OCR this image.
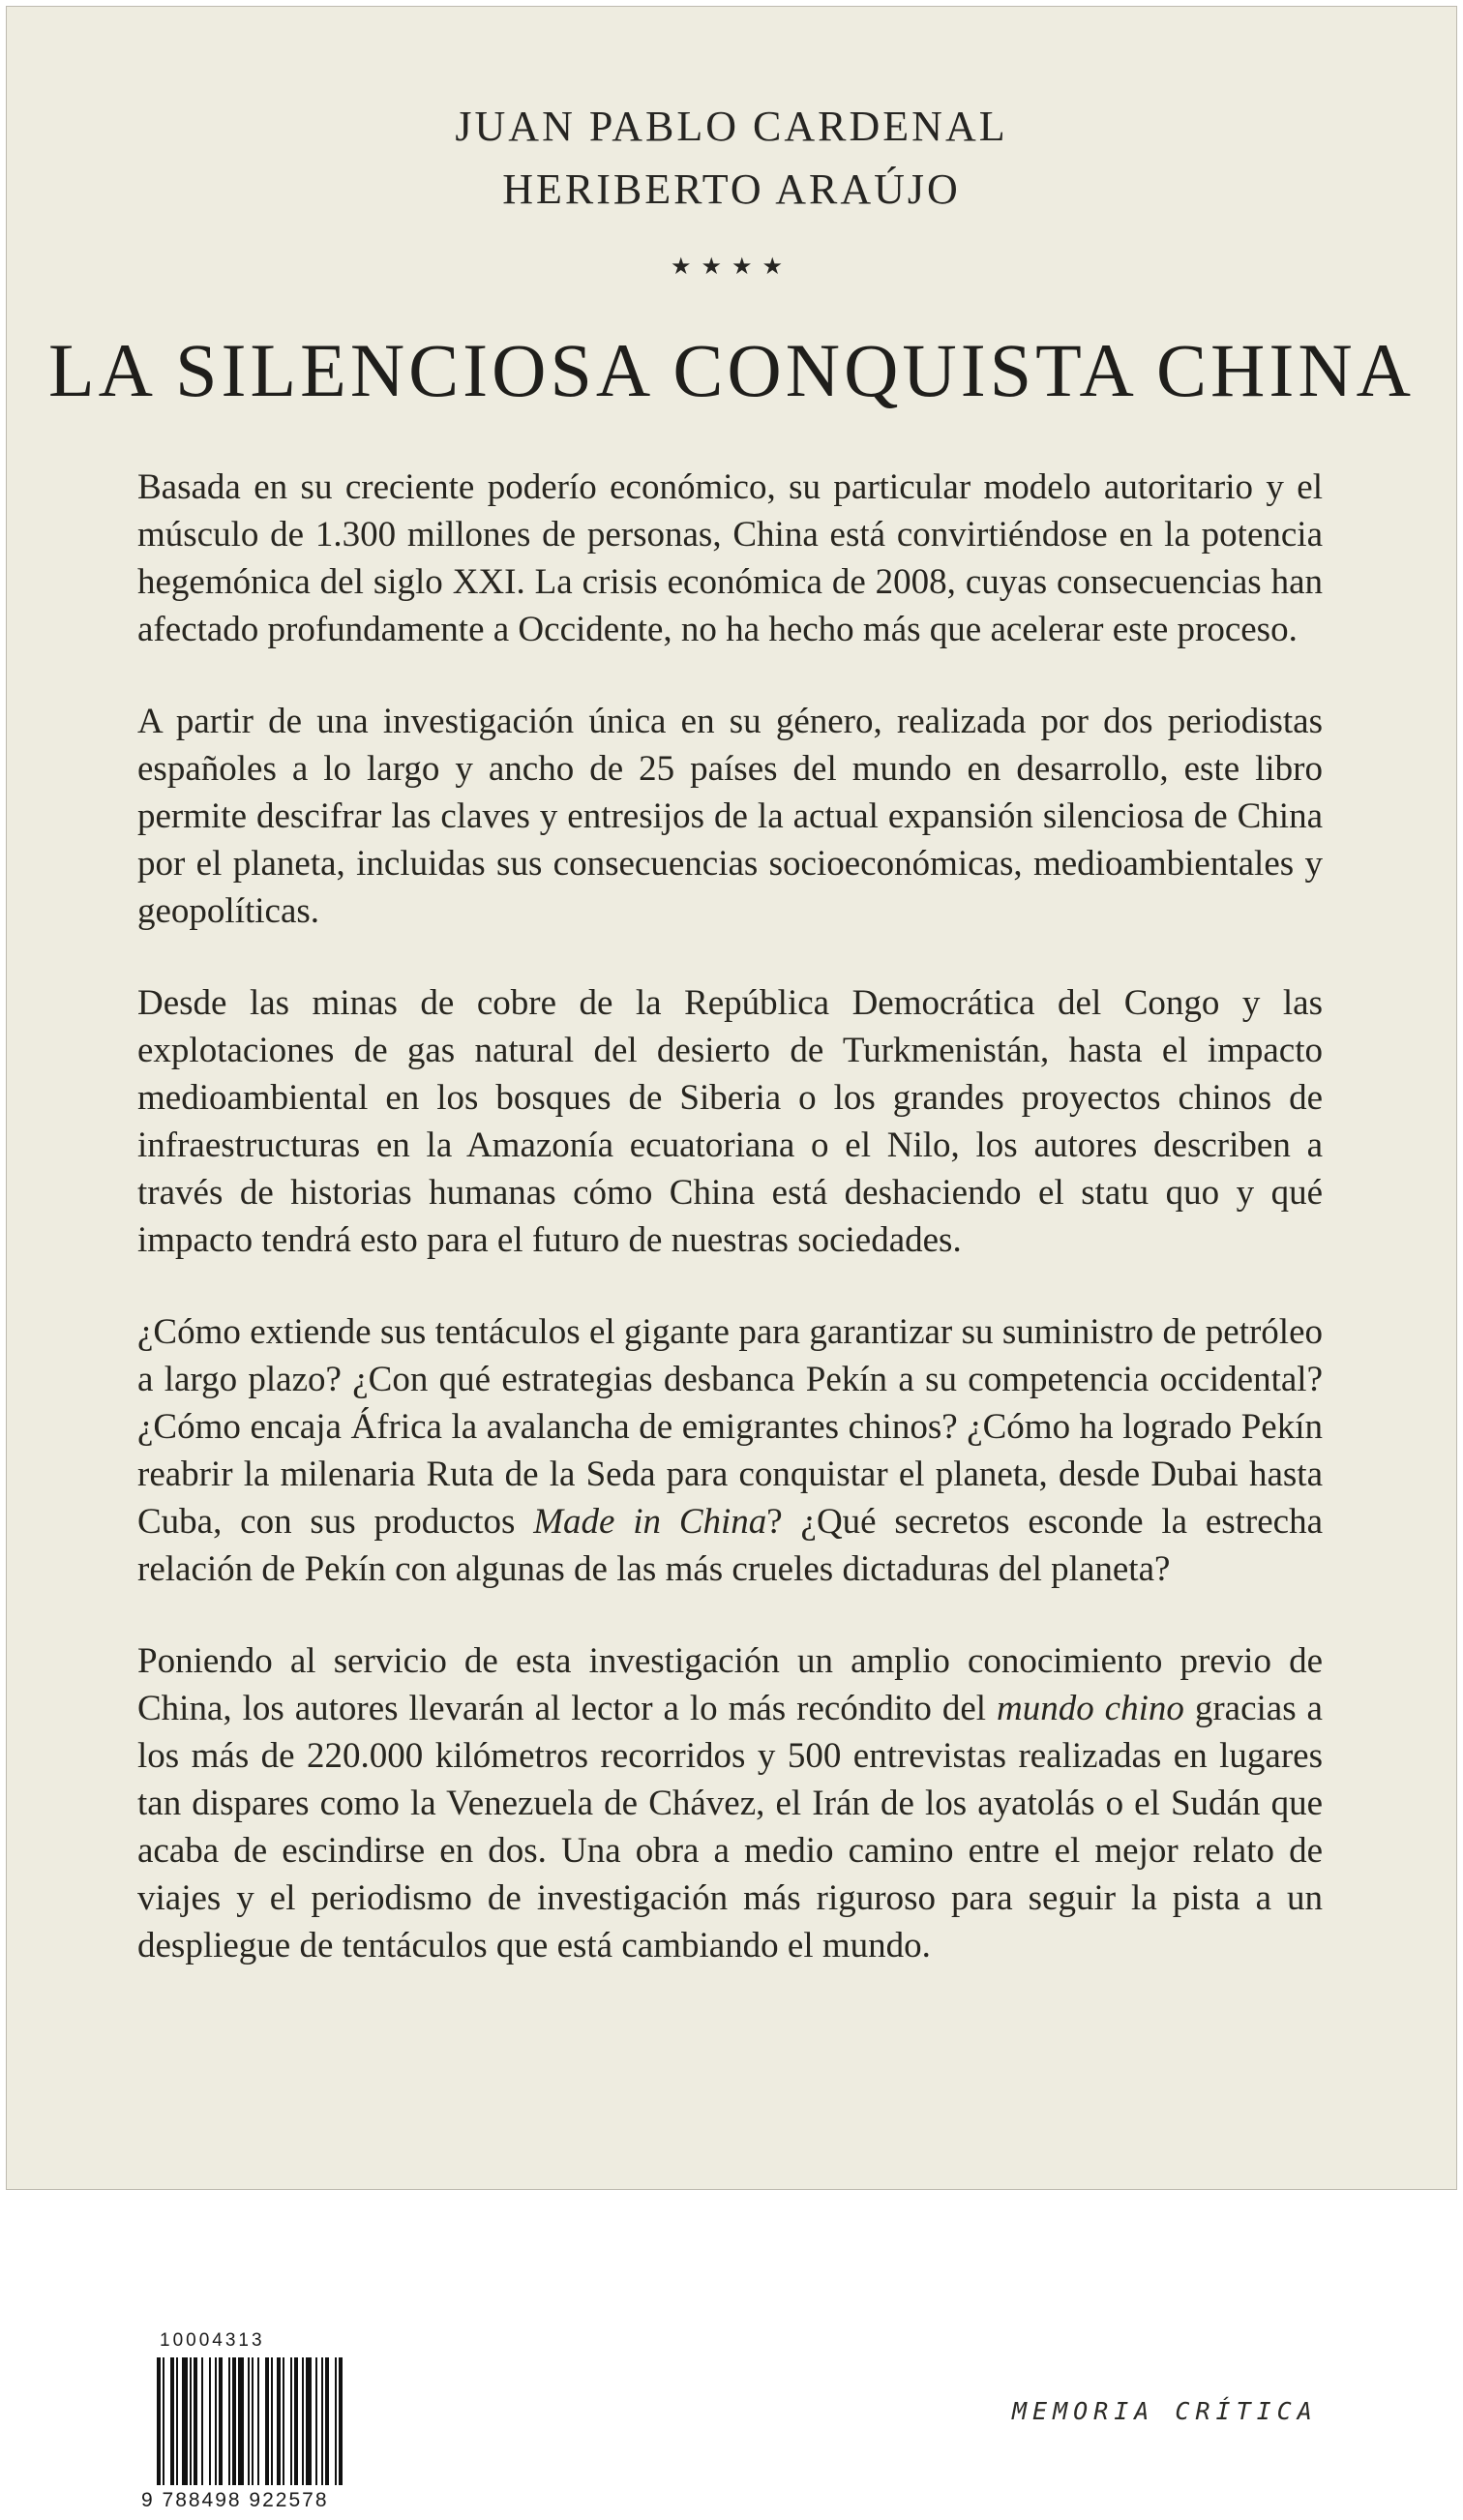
JUAN PABLO CARDENAL
HERIBERTO ARAÚJO
★★★★
LA SILENCIOSA CONQUISTA CHINA

Basada en su creciente poderío económico, su particular modelo autoritario y el músculo de 1.300 millones de personas, China está convirtiéndose en la potencia hegemónica del siglo XXI. La crisis económica de 2008, cuyas consecuencias han afectado profundamente a Occidente, no ha hecho más que acelerar este proceso.

A partir de una investigación única en su género, realizada por dos periodistas españoles a lo largo y ancho de 25 países del mundo en desarrollo, este libro permite descifrar las claves y entresijos de la actual expansión silenciosa de China por el planeta, incluidas sus consecuencias socioeconómicas, medioambientales y geopolíticas.

Desde las minas de cobre de la República Democrática del Congo y las explotaciones de gas natural del desierto de Turkmenistán, hasta el impacto medioambiental en los bosques de Siberia o los grandes proyectos chinos de infraestructuras en la Amazonía ecuatoriana o el Nilo, los autores describen a través de historias humanas cómo China está deshaciendo el statu quo y qué impacto tendrá esto para el futuro de nuestras sociedades.

¿Cómo extiende sus tentáculos el gigante para garantizar su suministro de petróleo a largo plazo? ¿Con qué estrategias desbanca Pekín a su competencia occidental? ¿Cómo encaja África la avalancha de emigrantes chinos? ¿Cómo ha logrado Pekín reabrir la milenaria Ruta de la Seda para conquistar el planeta, desde Dubai hasta Cuba, con sus productos Made in China? ¿Qué secretos esconde la estrecha relación de Pekín con algunas de las más crueles dictaduras del planeta?

Poniendo al servicio de esta investigación un amplio conocimiento previo de China, los autores llevarán al lector a lo más recóndito del mundo chino gracias a los más de 220.000 kilómetros recorridos y 500 entrevistas realizadas en lugares tan dispares como la Venezuela de Chávez, el Irán de los ayatolás o el Sudán que acaba de escindirse en dos. Una obra a medio camino entre el mejor relato de viajes y el periodismo de investigación más riguroso para seguir la pista a un despliegue de tentáculos que está cambiando el mundo.

10004313
9 788498 922578
MEMORIA CRÍTICA
